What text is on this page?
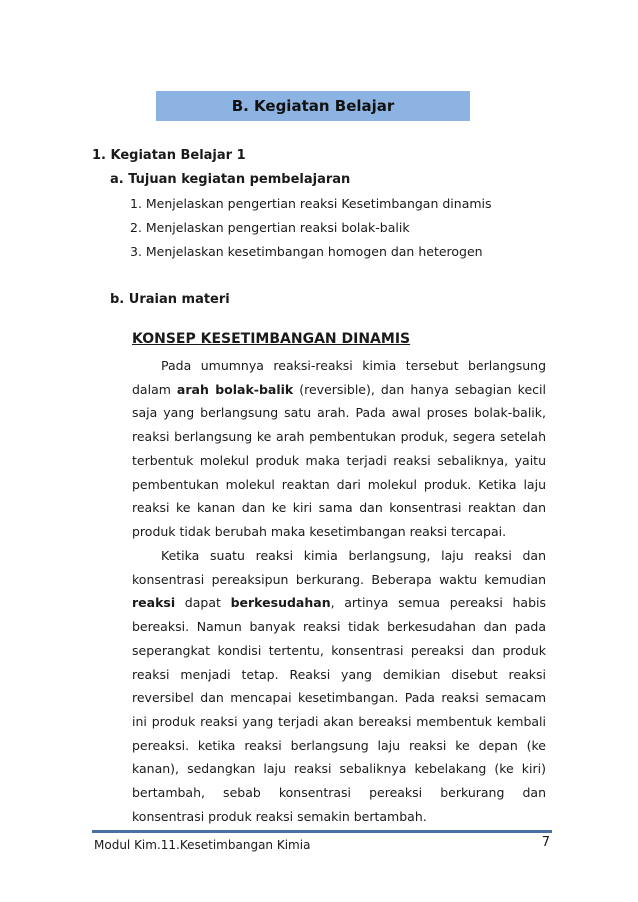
B. Kegiatan Belajar
1. Kegiatan Belajar 1
a. Tujuan kegiatan pembelajaran
1. Menjelaskan pengertian reaksi Kesetimbangan dinamis
2. Menjelaskan pengertian reaksi bolak-balik
3. Menjelaskan kesetimbangan homogen dan heterogen
b. Uraian materi
KONSEP KESETIMBANGAN DINAMIS
Pada umumnya reaksi-reaksi kimia tersebut berlangsung dalam arah bolak-balik (reversible), dan hanya sebagian kecil saja yang berlangsung satu arah. Pada awal proses bolak-balik, reaksi berlangsung ke arah pembentukan produk, segera setelah terbentuk molekul produk maka terjadi reaksi sebaliknya, yaitu pembentukan molekul reaktan dari molekul produk. Ketika laju reaksi ke kanan dan ke kiri sama dan konsentrasi reaktan dan produk tidak berubah maka kesetimbangan reaksi tercapai.
Ketika suatu reaksi kimia berlangsung, laju reaksi dan konsentrasi pereaksipun berkurang. Beberapa waktu kemudian reaksi dapat berkesudahan, artinya semua pereaksi habis bereaksi. Namun banyak reaksi tidak berkesudahan dan pada seperangkat kondisi tertentu, konsentrasi pereaksi dan produk reaksi menjadi tetap. Reaksi yang demikian disebut reaksi reversibel dan mencapai kesetimbangan. Pada reaksi semacam ini produk reaksi yang terjadi akan bereaksi membentuk kembali pereaksi. ketika reaksi berlangsung laju reaksi ke depan (ke kanan), sedangkan laju reaksi sebaliknya kebelakang (ke kiri) bertambah, sebab konsentrasi pereaksi berkurang dan konsentrasi produk reaksi semakin bertambah.
Modul Kim.11.Kesetimbangan Kimia	7
